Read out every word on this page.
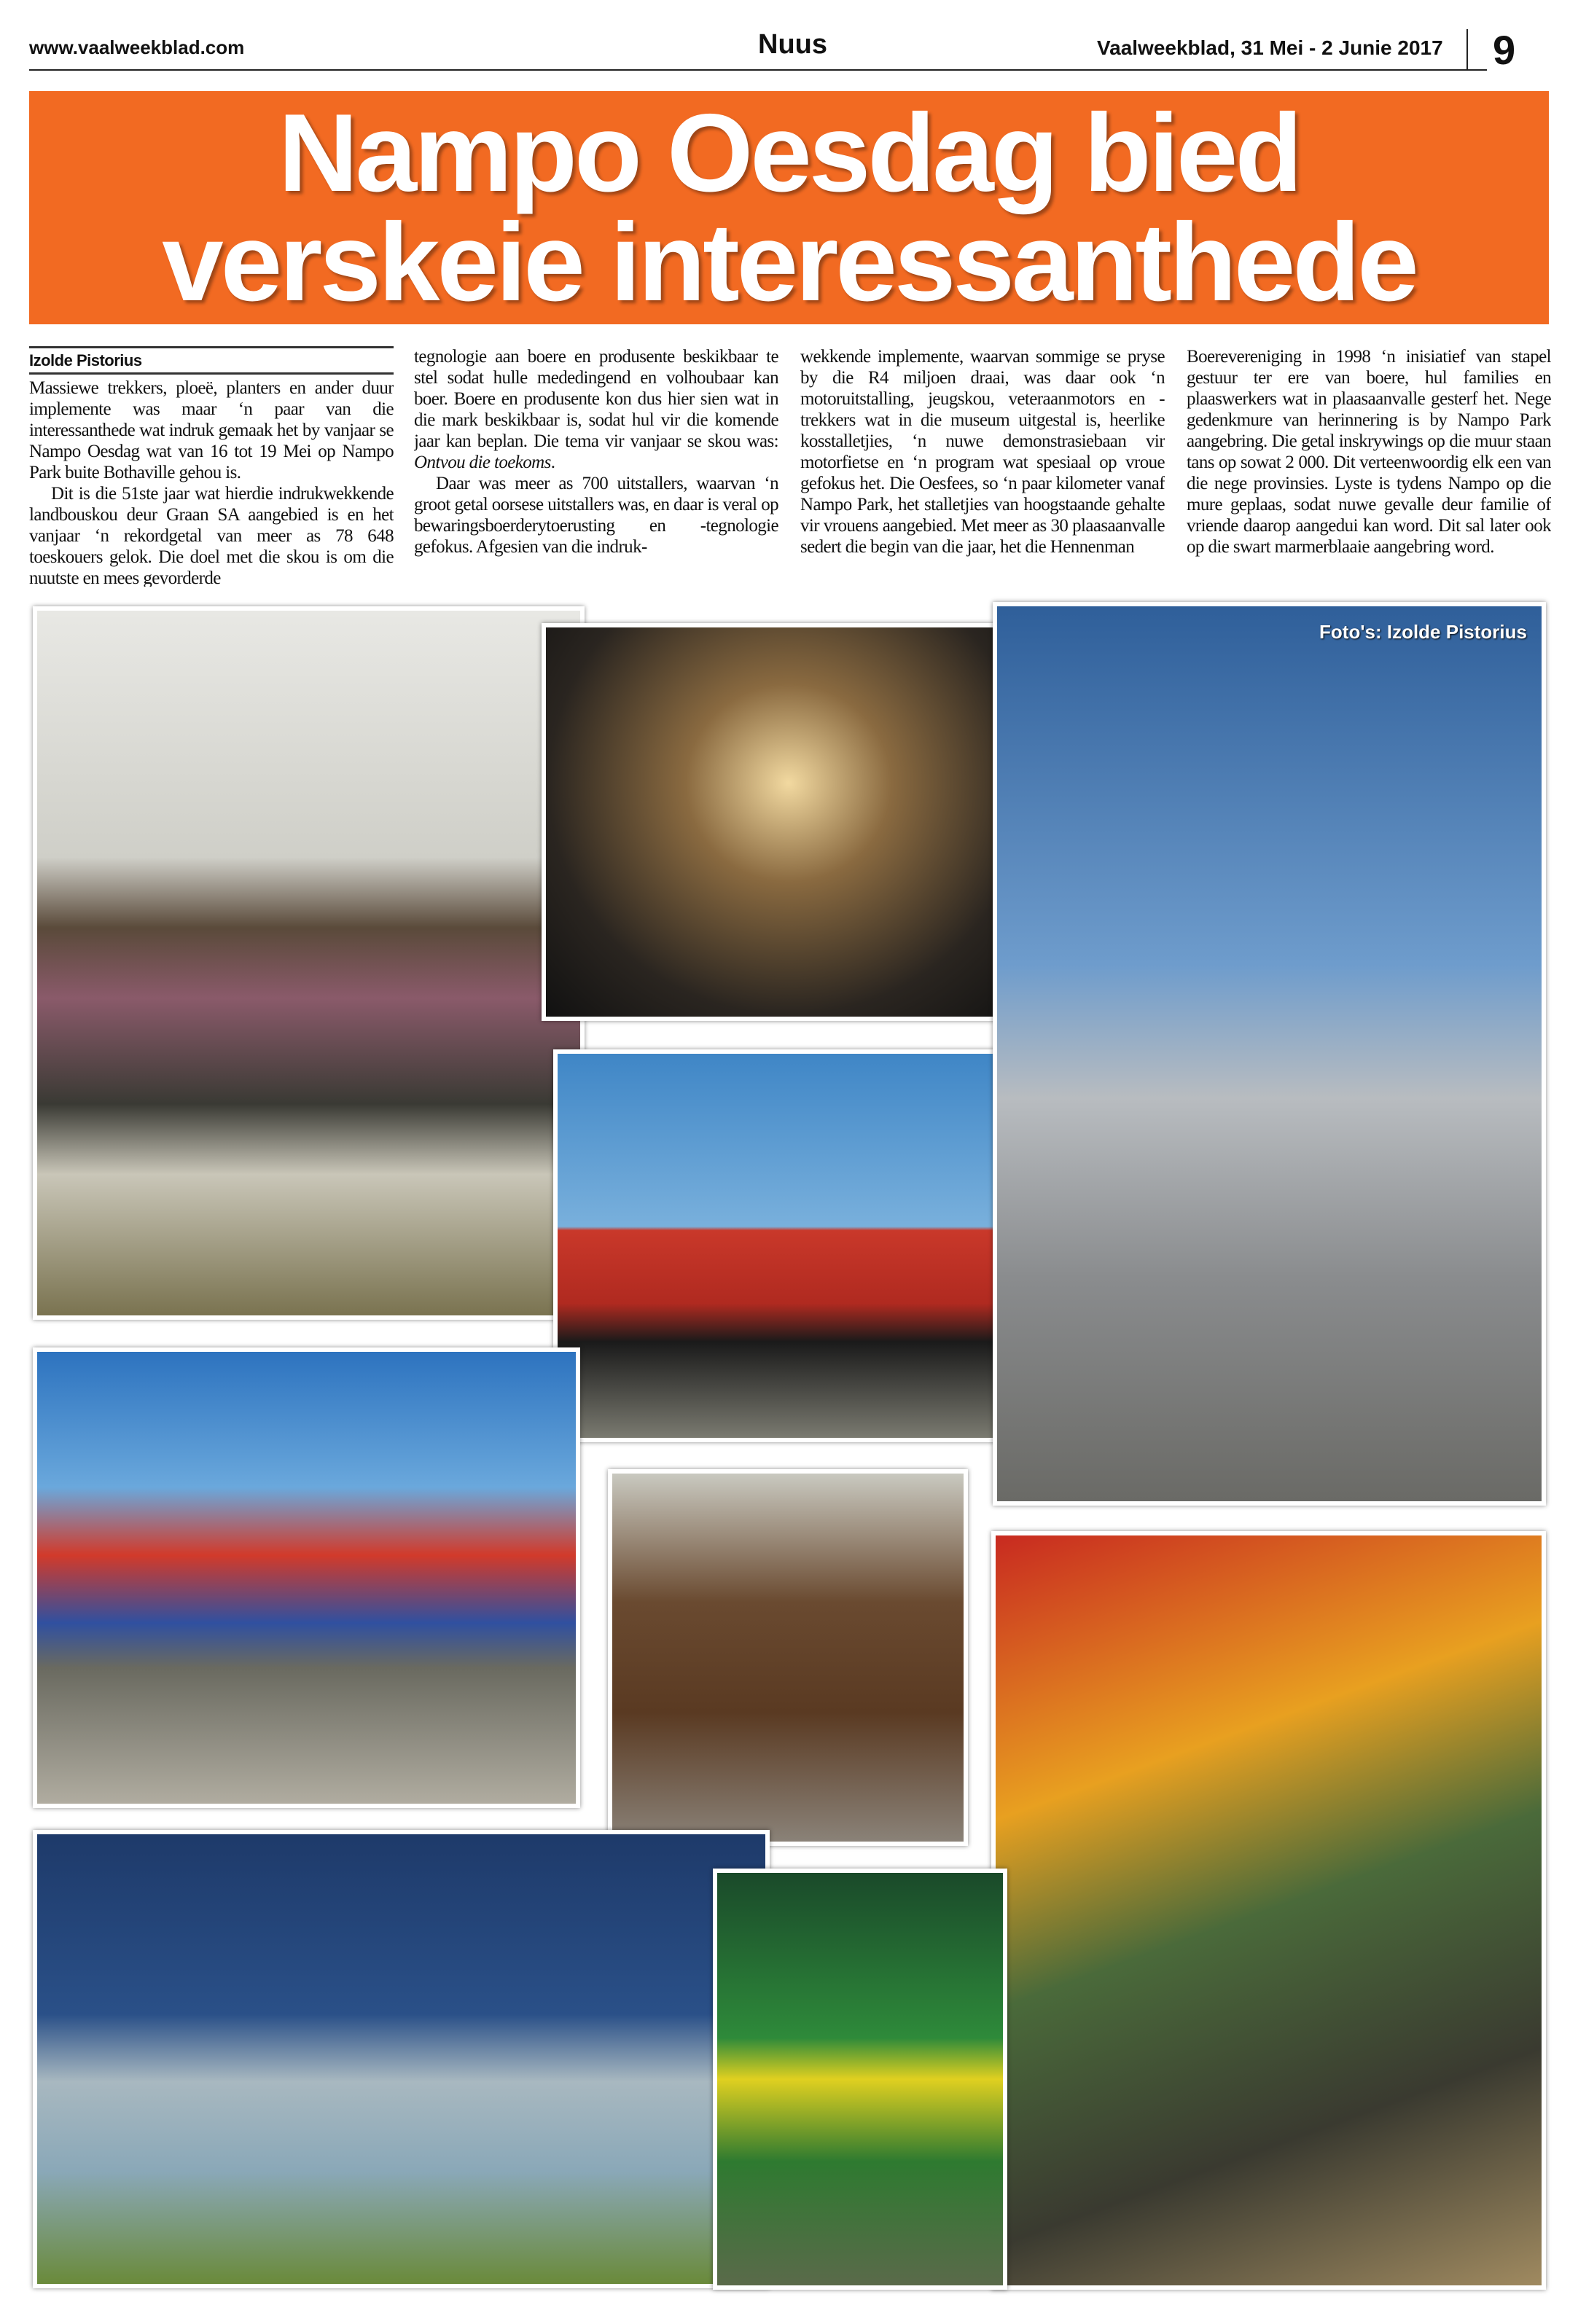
www.vaalweekblad.com	Nuus	Vaalweekblad, 31 Mei - 2 Junie 2017 9
Nampo Oesdag bied
verskeie interessanthede
Izolde Pistorius

Massiewe trekkers, ploeë, planters en ander duur implemente was maar ‘n paar van die interessanthede wat indruk gemaak het by vanjaar se Nampo Oesdag wat van 16 tot 19 Mei op Nampo Park buite Bothaville gehou is.

Dit is die 51ste jaar wat hierdie indrukwekkende landbouskou deur Graan SA aangebied is en het vanjaar ‘n rekordgetal van meer as 78 648 toeskouers gelok. Die doel met die skou is om die nuutste en mees gevorderde

tegnologie aan boere en produsente beskikbaar te stel sodat hulle mededingend en volhoubaar kan boer. Boere en produsente kon dus hier sien wat in die mark beskikbaar is, sodat hul vir die komende jaar kan beplan. Die tema vir vanjaar se skou was: Ontvou die toekoms.

Daar was meer as 700 uitstallers, waarvan ‘n groot getal oorsese uitstallers was, en daar is veral op bewaringsboerderytoerusting en -tegnologie gefokus. Afgesien van die indruk-

wekkende implemente, waarvan sommige se pryse by die R4 miljoen draai, was daar ook ‘n motoruitstalling, jeugskou, veteraanmotors en -trekkers wat in die museum uitgestal is, heerlike kosstalletjies, ‘n nuwe demonstrasiebaan vir motorfietse en ‘n program wat spesiaal op vroue gefokus het. Die Oesfees, so ‘n paar kilometer vanaf Nampo Park, het stalletjies van hoogstaande gehalte vir vrouens aangebied. Met meer as 30 plaasaanvalle sedert die begin van die jaar, het die Hennenman

Boerevereniging in 1998 ‘n inisiatief van stapel gestuur ter ere van boere, hul families en plaaswerkers wat in plaasaanvalle gesterf het. Nege gedenkmure van herinnering is by Nampo Park aangebring. Die getal inskrywings op die muur staan tans op sowat 2 000. Dit verteenwoordig elk een van die nege provinsies. Lyste is tydens Nampo op die mure geplaas, sodat nuwe gevalle deur familie of vriende daarop aangedui kan word. Dit sal later ook op die swart marmerblaaie aangebring word.

Foto's: Izolde Pistorius
